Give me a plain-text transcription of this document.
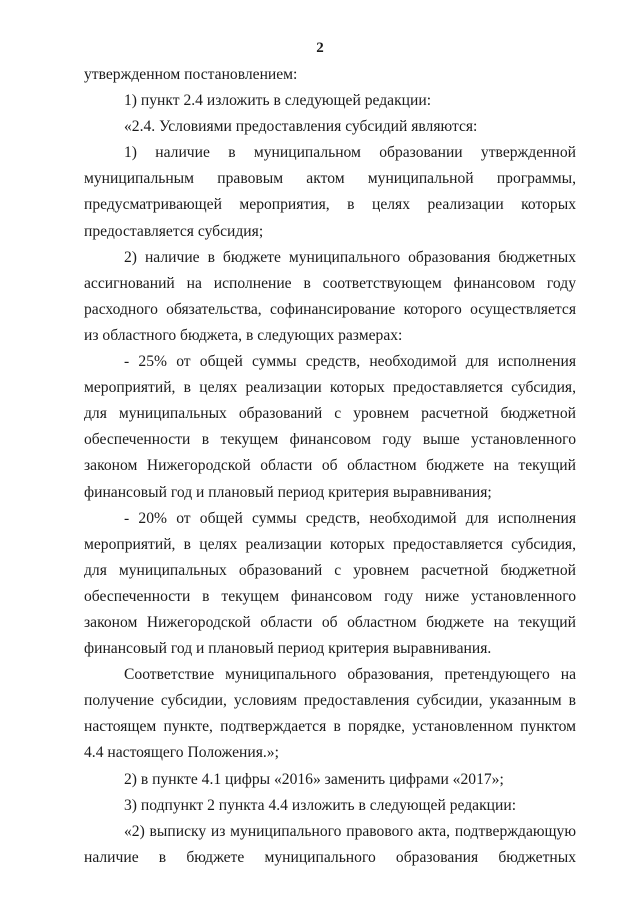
2

утвержденном постановлением:

1) пункт 2.4 изложить в следующей редакции:

«2.4. Условиями предоставления субсидий являются:

1) наличие в муниципальном образовании утвержденной муниципальным правовым актом муниципальной программы, предусматривающей мероприятия, в целях реализации которых предоставляется субсидия;

2) наличие в бюджете муниципального образования бюджетных ассигнований на исполнение в соответствующем финансовом году расходного обязательства, софинансирование которого осуществляется из областного бюджета, в следующих размерах:

- 25% от общей суммы средств, необходимой для исполнения мероприятий, в целях реализации которых предоставляется субсидия, для муниципальных образований с уровнем расчетной бюджетной обеспеченности в текущем финансовом году выше установленного законом Нижегородской области об областном бюджете на текущий финансовый год и плановый период критерия выравнивания;

- 20% от общей суммы средств, необходимой для исполнения мероприятий, в целях реализации которых предоставляется субсидия, для муниципальных образований с уровнем расчетной бюджетной обеспеченности в текущем финансовом году ниже установленного законом Нижегородской области об областном бюджете на текущий финансовый год и плановый период критерия выравнивания.

Соответствие муниципального образования, претендующего на получение субсидии, условиям предоставления субсидии, указанным в настоящем пункте, подтверждается в порядке, установленном пунктом 4.4 настоящего Положения.»;

2) в пункте 4.1 цифры «2016» заменить цифрами «2017»;

3) подпункт 2 пункта 4.4 изложить в следующей редакции:

«2) выписку из муниципального правового акта, подтверждающую наличие в бюджете муниципального образования бюджетных
